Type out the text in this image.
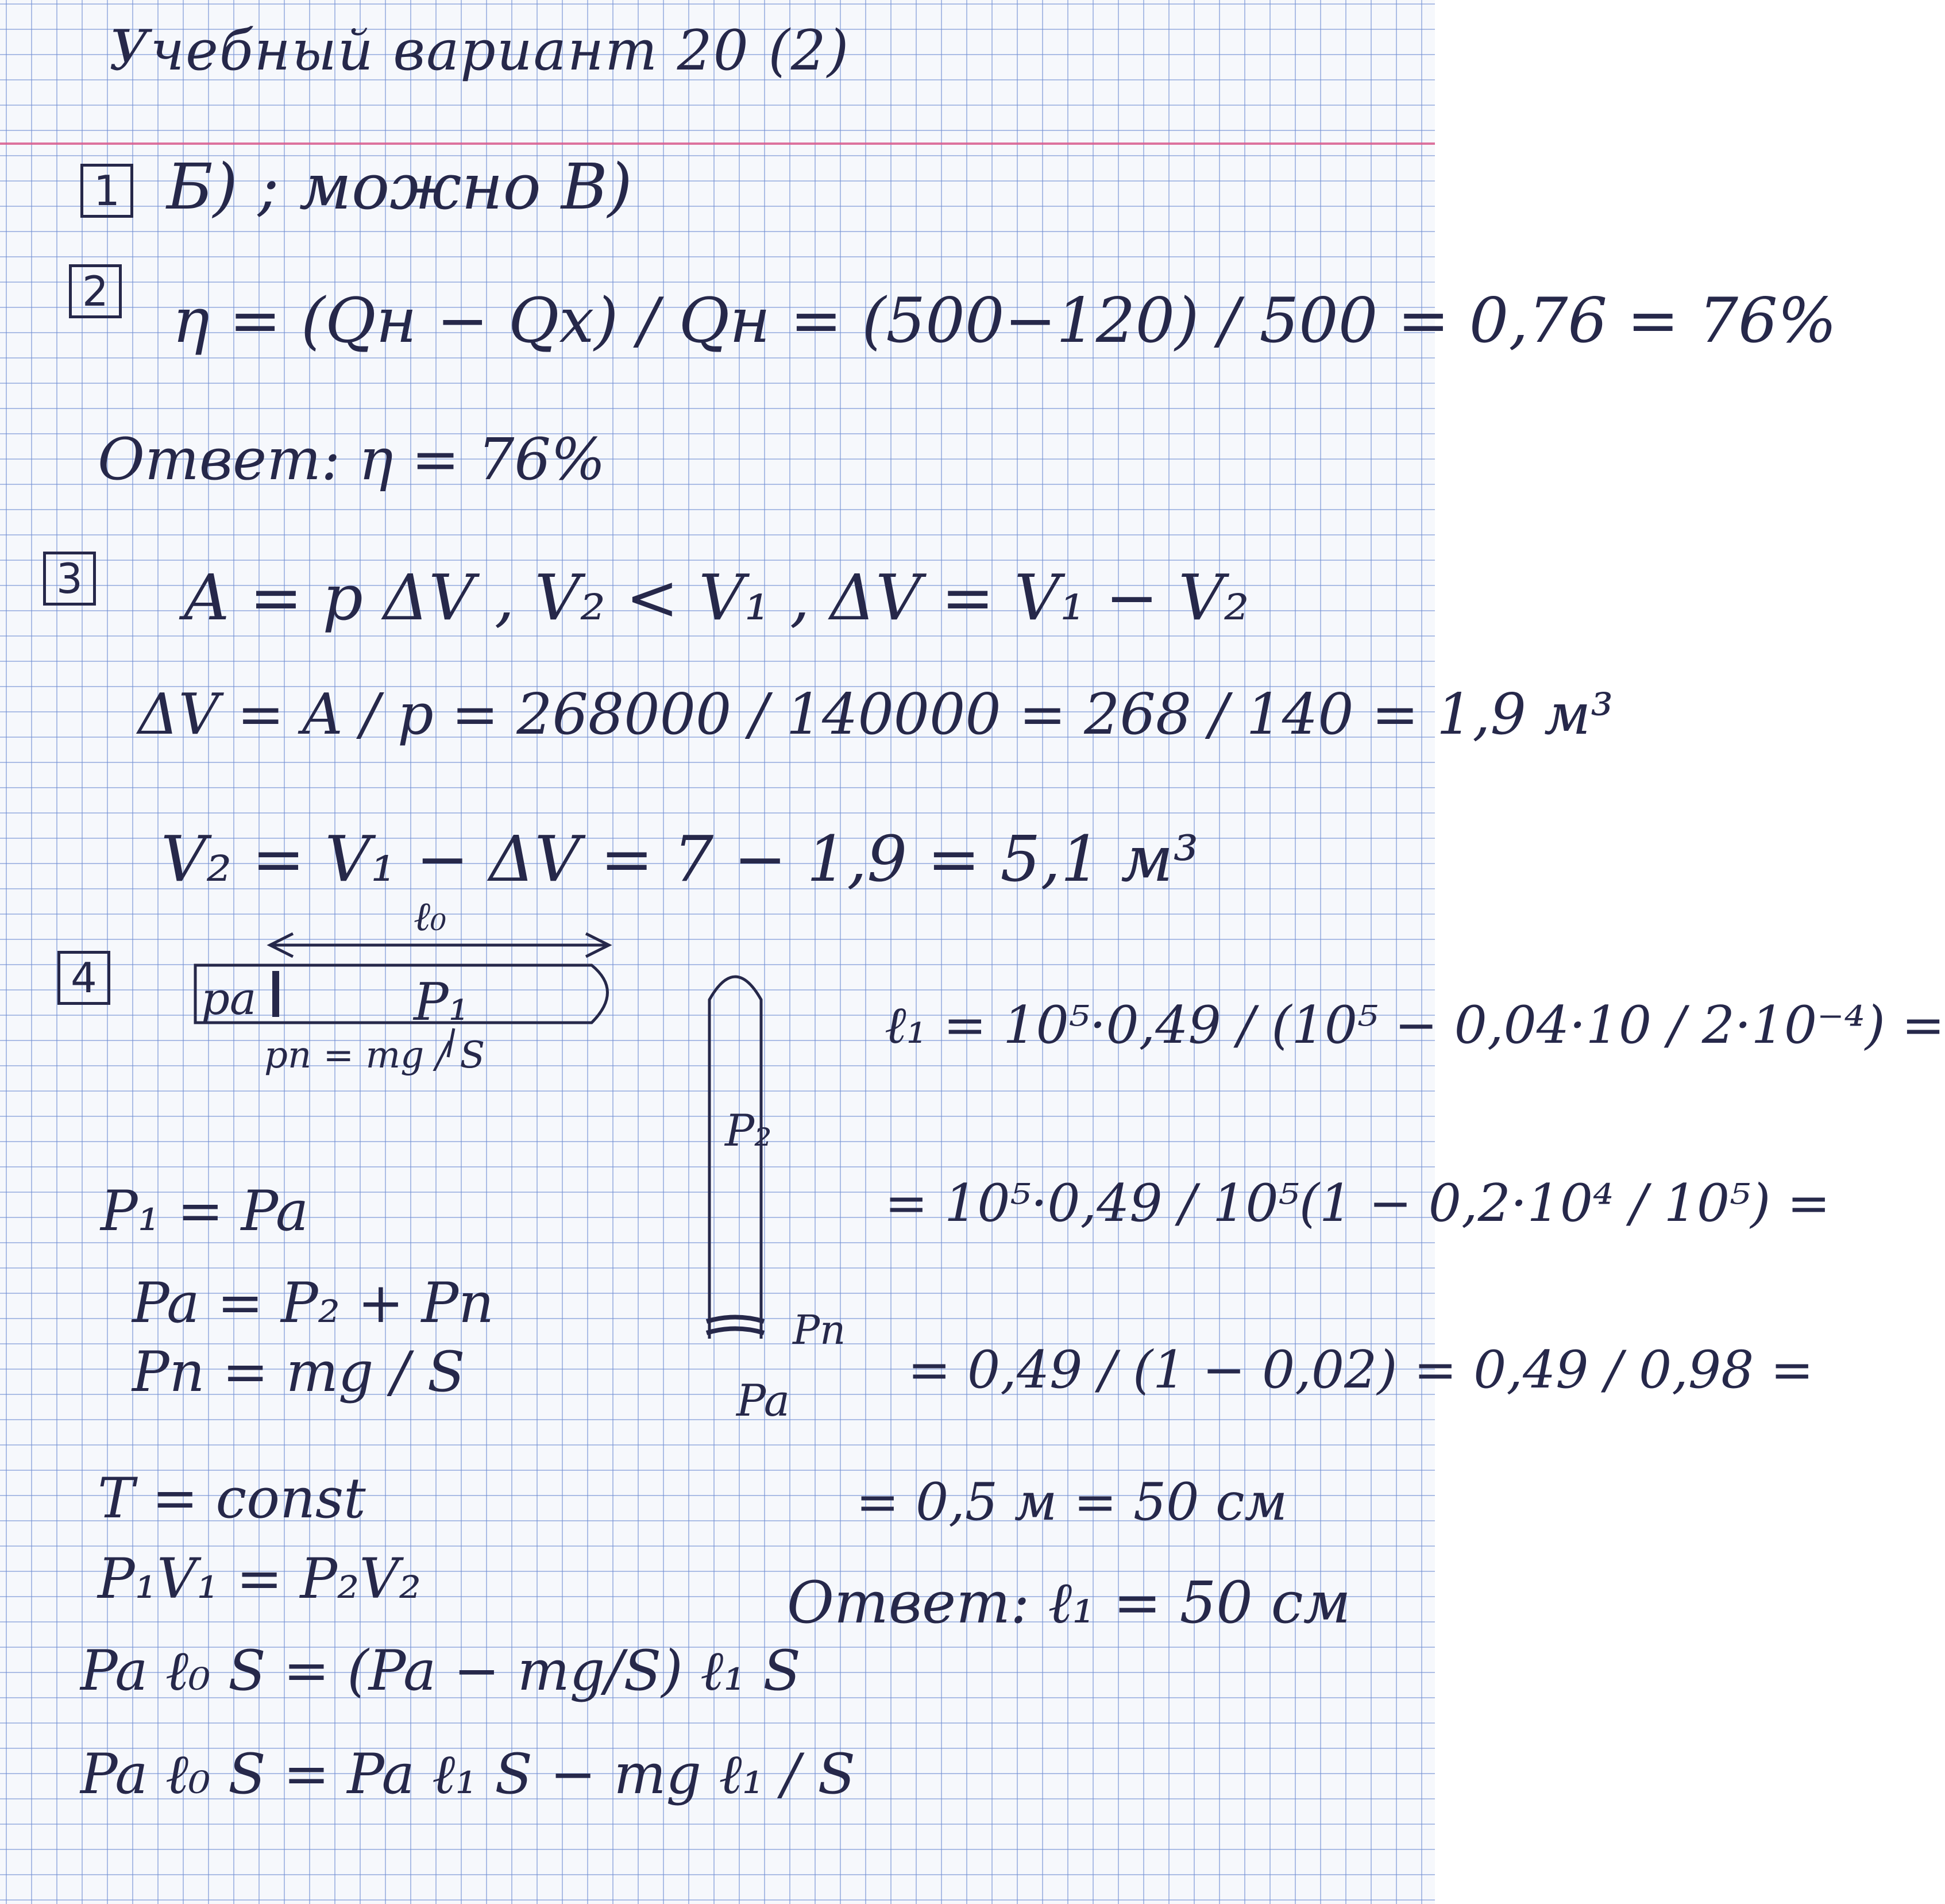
Учебный вариант 20 (2)
1 Б) ; можно В)
2 η = (Qн − Qх) / Qн = (500−120) / 500 = 0,76 = 76%
Ответ: η = 76%
3 A = p ΔV , V₂ < V₁ , ΔV = V₁ − V₂
ΔV = A / p = 268000 / 140000 = 268 / 140 = 1,9 м³
V₂ = V₁ − ΔV = 7 − 1,9 = 5,1 м³
4
ℓ₀
pa	P₁
pп = mg / S
P₂
Pп
Pa
P₁ = Pa
Pa = P₂ + Pп
Pп = mg / S
T = const
P₁V₁ = P₂V₂
Pa ℓ₀ S = (Pa − mg/S) ℓ₁ S
Pa ℓ₀ S = Pa ℓ₁ S − mg ℓ₁ / S
ℓ₁ = 10⁵·0,49 / (10⁵ − 0,04·10 / 2·10⁻⁴) =
= 10⁵·0,49 / 10⁵(1 − 0,2·10⁴ / 10⁵) =
= 0,49 / (1 − 0,02) = 0,49 / 0,98 =
= 0,5 м = 50 см
Ответ: ℓ₁ = 50 см
